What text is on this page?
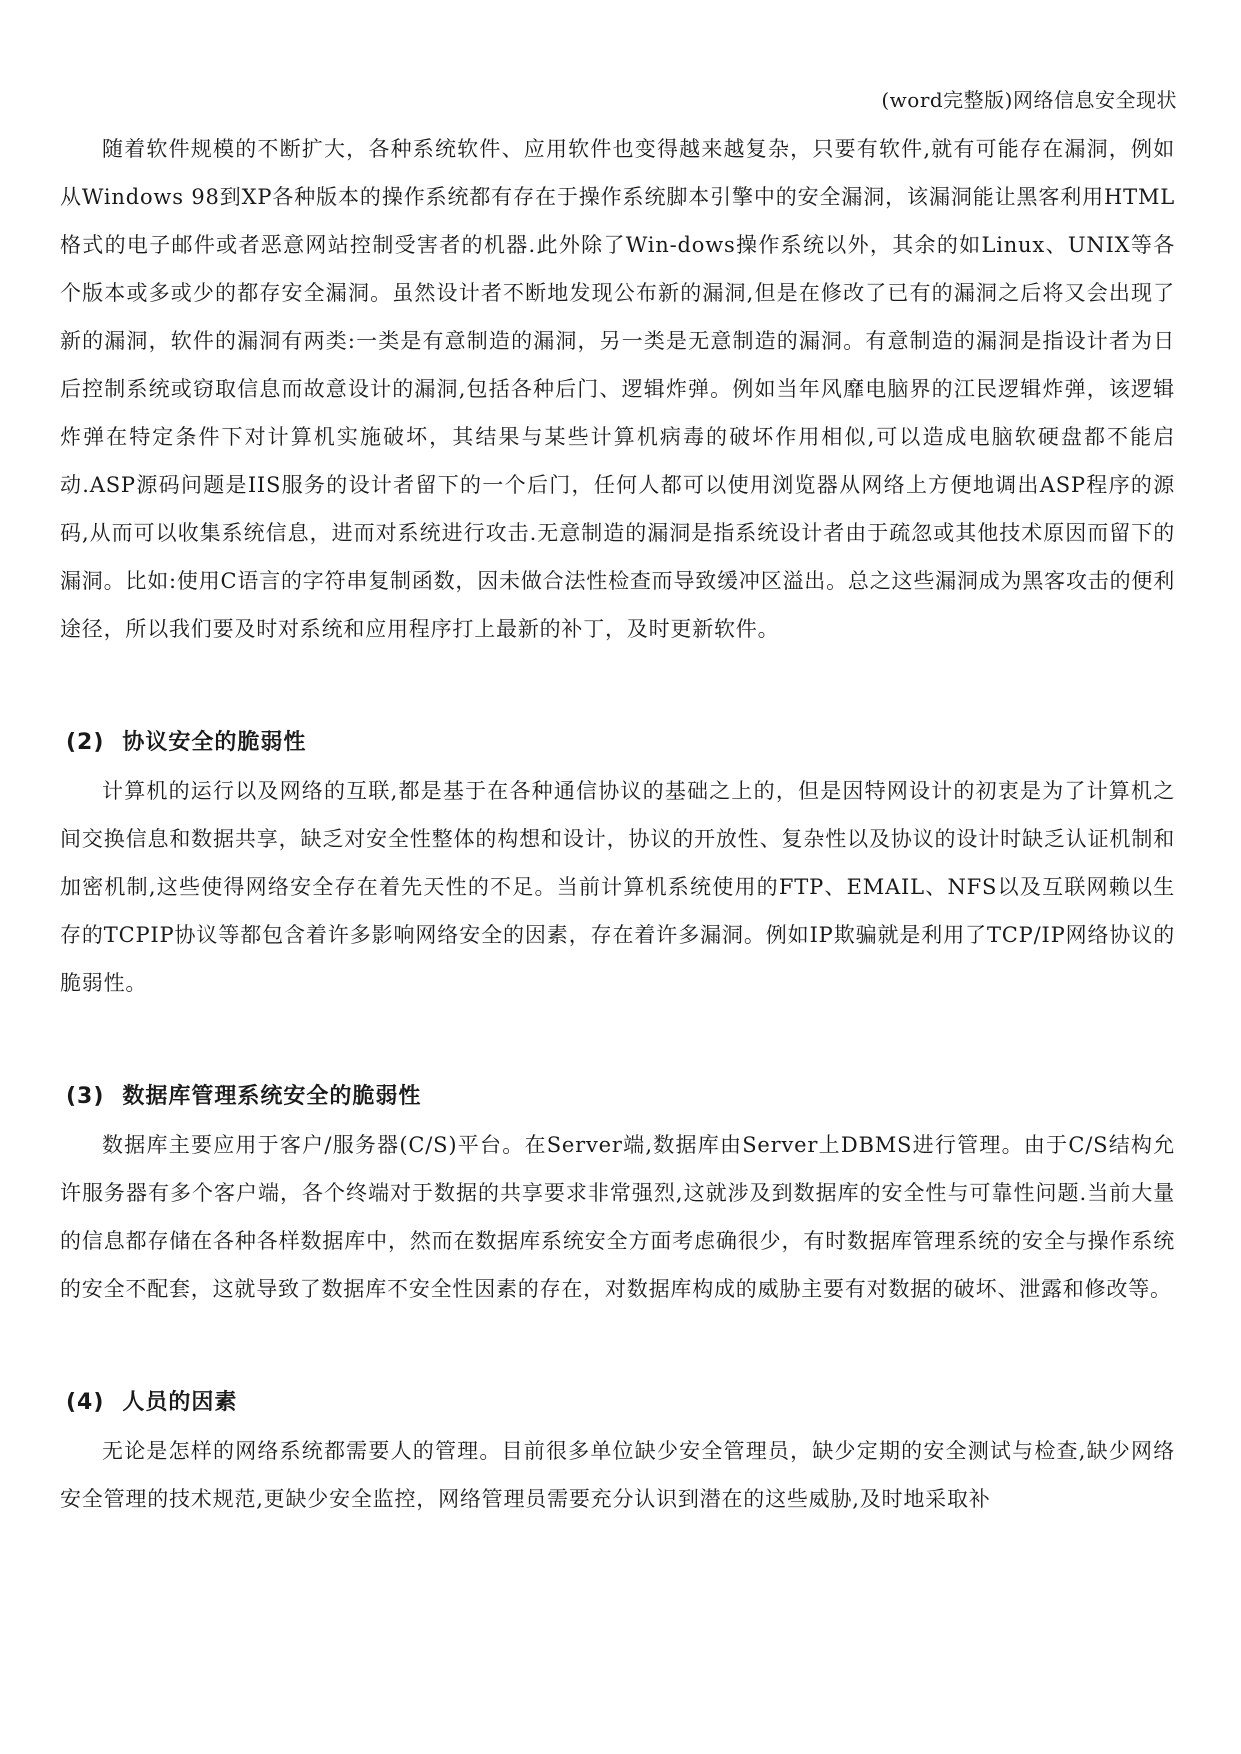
(word完整版)网络信息安全现状

随着软件规模的不断扩大，各种系统软件、应用软件也变得越来越复杂，只要有软件,就有可能存在漏洞，例如从Windows 98到XP各种版本的操作系统都有存在于操作系统脚本引擎中的安全漏洞，该漏洞能让黑客利用HTML格式的电子邮件或者恶意网站控制受害者的机器.此外除了Win-dows操作系统以外，其余的如Linux、UNIX等各个版本或多或少的都存安全漏洞。虽然设计者不断地发现公布新的漏洞,但是在修改了已有的漏洞之后将又会出现了新的漏洞，软件的漏洞有两类:一类是有意制造的漏洞，另一类是无意制造的漏洞。有意制造的漏洞是指设计者为日后控制系统或窃取信息而故意设计的漏洞,包括各种后门、逻辑炸弹。例如当年风靡电脑界的江民逻辑炸弹，该逻辑炸弹在特定条件下对计算机实施破坏，其结果与某些计算机病毒的破坏作用相似,可以造成电脑软硬盘都不能启动.ASP源码问题是IIS服务的设计者留下的一个后门，任何人都可以使用浏览器从网络上方便地调出ASP程序的源码,从而可以收集系统信息，进而对系统进行攻击.无意制造的漏洞是指系统设计者由于疏忽或其他技术原因而留下的漏洞。比如:使用C语言的字符串复制函数，因未做合法性检查而导致缓冲区溢出。总之这些漏洞成为黑客攻击的便利途径，所以我们要及时对系统和应用程序打上最新的补丁，及时更新软件。

(2) 协议安全的脆弱性

计算机的运行以及网络的互联,都是基于在各种通信协议的基础之上的，但是因特网设计的初衷是为了计算机之间交换信息和数据共享，缺乏对安全性整体的构想和设计，协议的开放性、复杂性以及协议的设计时缺乏认证机制和加密机制,这些使得网络安全存在着先天性的不足。当前计算机系统使用的FTP、EMAIL、NFS以及互联网赖以生存的TCPIP协议等都包含着许多影响网络安全的因素，存在着许多漏洞。例如IP欺骗就是利用了TCP/IP网络协议的脆弱性。

(3) 数据库管理系统安全的脆弱性

数据库主要应用于客户/服务器(C/S)平台。在Server端,数据库由Server上DBMS进行管理。由于C/S结构允许服务器有多个客户端，各个终端对于数据的共享要求非常强烈,这就涉及到数据库的安全性与可靠性问题.当前大量的信息都存储在各种各样数据库中，然而在数据库系统安全方面考虑确很少，有时数据库管理系统的安全与操作系统的安全不配套，这就导致了数据库不安全性因素的存在，对数据库构成的威胁主要有对数据的破坏、泄露和修改等。

(4) 人员的因素

无论是怎样的网络系统都需要人的管理。目前很多单位缺少安全管理员，缺少定期的安全测试与检查,缺少网络安全管理的技术规范,更缺少安全监控，网络管理员需要充分认识到潜在的这些威胁,及时地采取补
